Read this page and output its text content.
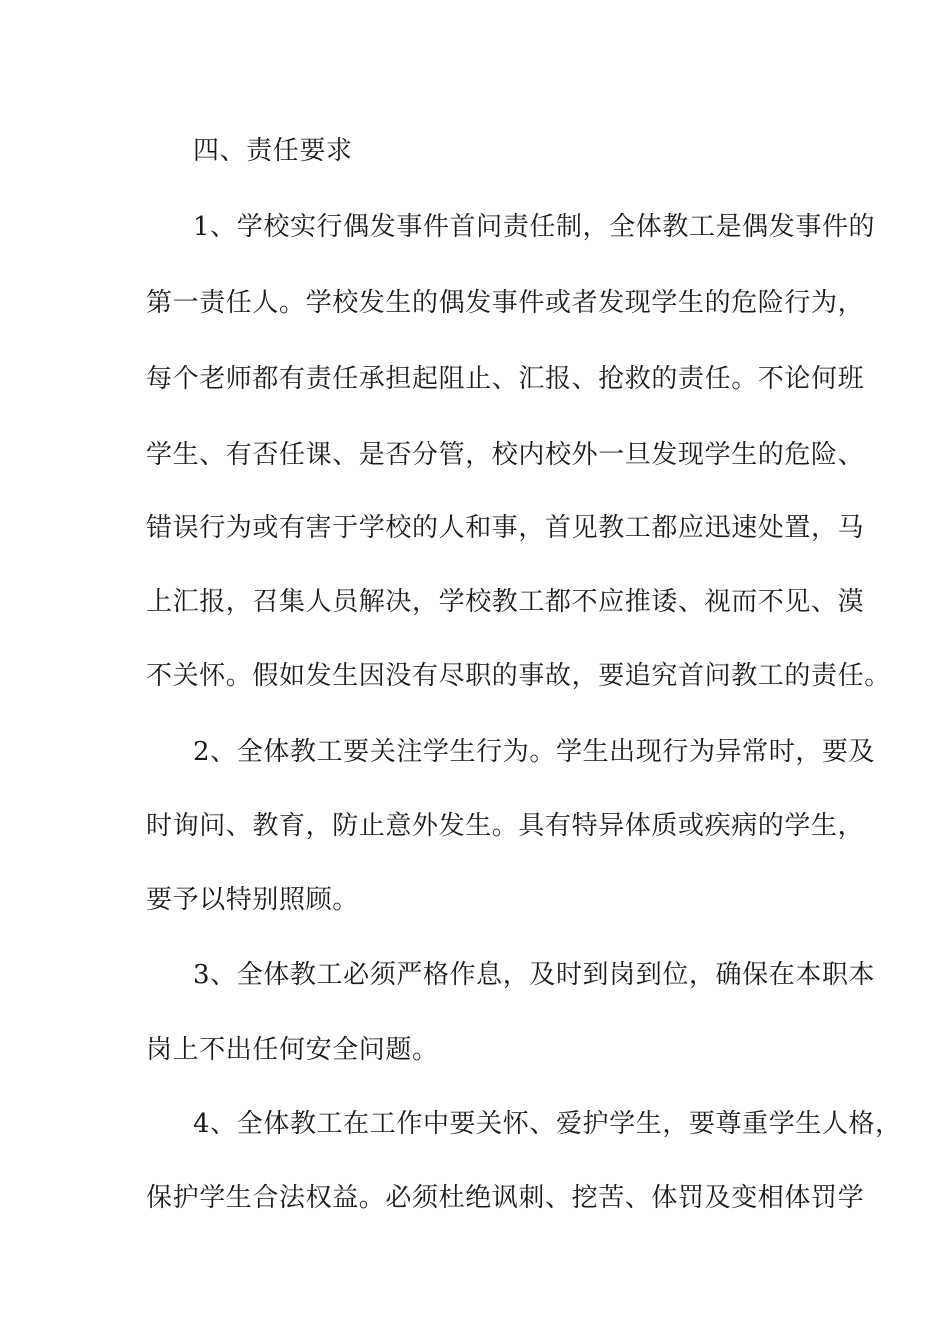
四、责任要求
1、学校实行偶发事件首问责任制，全体教工是偶发事件的
第一责任人。学校发生的偶发事件或者发现学生的危险行为，
每个老师都有责任承担起阻止、汇报、抢救的责任。不论何班
学生、有否任课、是否分管，校内校外一旦发现学生的危险、
错误行为或有害于学校的人和事，首见教工都应迅速处置，马
上汇报，召集人员解决，学校教工都不应推诿、视而不见、漠
不关怀。假如发生因没有尽职的事故，要追究首问教工的责任。
2、全体教工要关注学生行为。学生出现行为异常时，要及
时询问、教育，防止意外发生。具有特异体质或疾病的学生，
要予以特别照顾。
3、全体教工必须严格作息，及时到岗到位，确保在本职本
岗上不出任何安全问题。
4、全体教工在工作中要关怀、爱护学生，要尊重学生人格，
保护学生合法权益。必须杜绝讽刺、挖苦、体罚及变相体罚学
